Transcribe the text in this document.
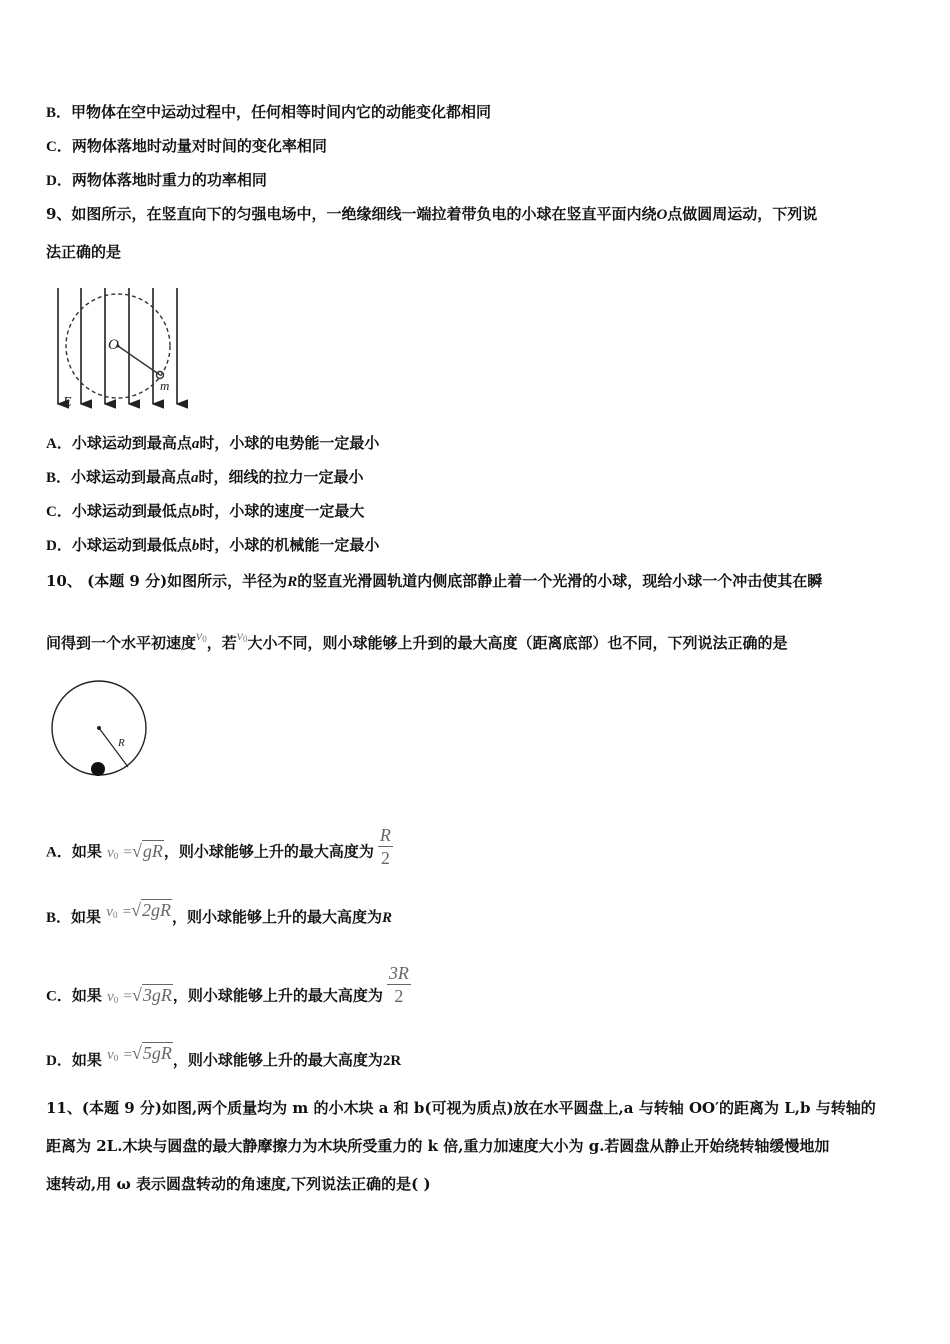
B．甲物体在空中运动过程中，任何相等时间内它的动能变化都相同
C．两物体落地时动量对时间的变化率相同
D．两物体落地时重力的功率相同
9、如图所示，在竖直向下的匀强电场中，一绝缘细线一端拉着带负电的小球在竖直平面内绕O点做圆周运动，下列说
法正确的是
O
m
E
A．小球运动到最高点a时，小球的电势能一定最小
B．小球运动到最高点a时，细线的拉力一定最小
C．小球运动到最低点b时，小球的速度一定最大
D．小球运动到最低点b时，小球的机械能一定最小
10、 (本题 9 分)如图所示，半径为R的竖直光滑圆轨道内侧底部静止着一个光滑的小球，现给小球一个冲击使其在瞬
间得到一个水平初速度$v_0$，若$v_0$大小不同，则小球能够上升到的最大高度（距离底部）也不同，下列说法正确的是
R
A．如果 $v_0 =√gR$，则小球能够上升的最大高度为 $\frac{R}{2}$
B．如果 $v_0 =√2gR$，则小球能够上升的最大高度为R
C．如果 $v_0 =√3gR$，则小球能够上升的最大高度为 $\frac{3R}{2}$
D．如果 $v_0 =√5gR$，则小球能够上升的最大高度为2R
11、(本题 9 分)如图,两个质量均为 m 的小木块 a 和 b(可视为质点)放在水平圆盘上,a 与转轴 OO′的距离为 L,b 与转轴的
距离为 2L.木块与圆盘的最大静摩擦力为木块所受重力的 k 倍,重力加速度大小为 g.若圆盘从静止开始绕转轴缓慢地加
速转动,用 ω 表示圆盘转动的角速度,下列说法正确的是( )
